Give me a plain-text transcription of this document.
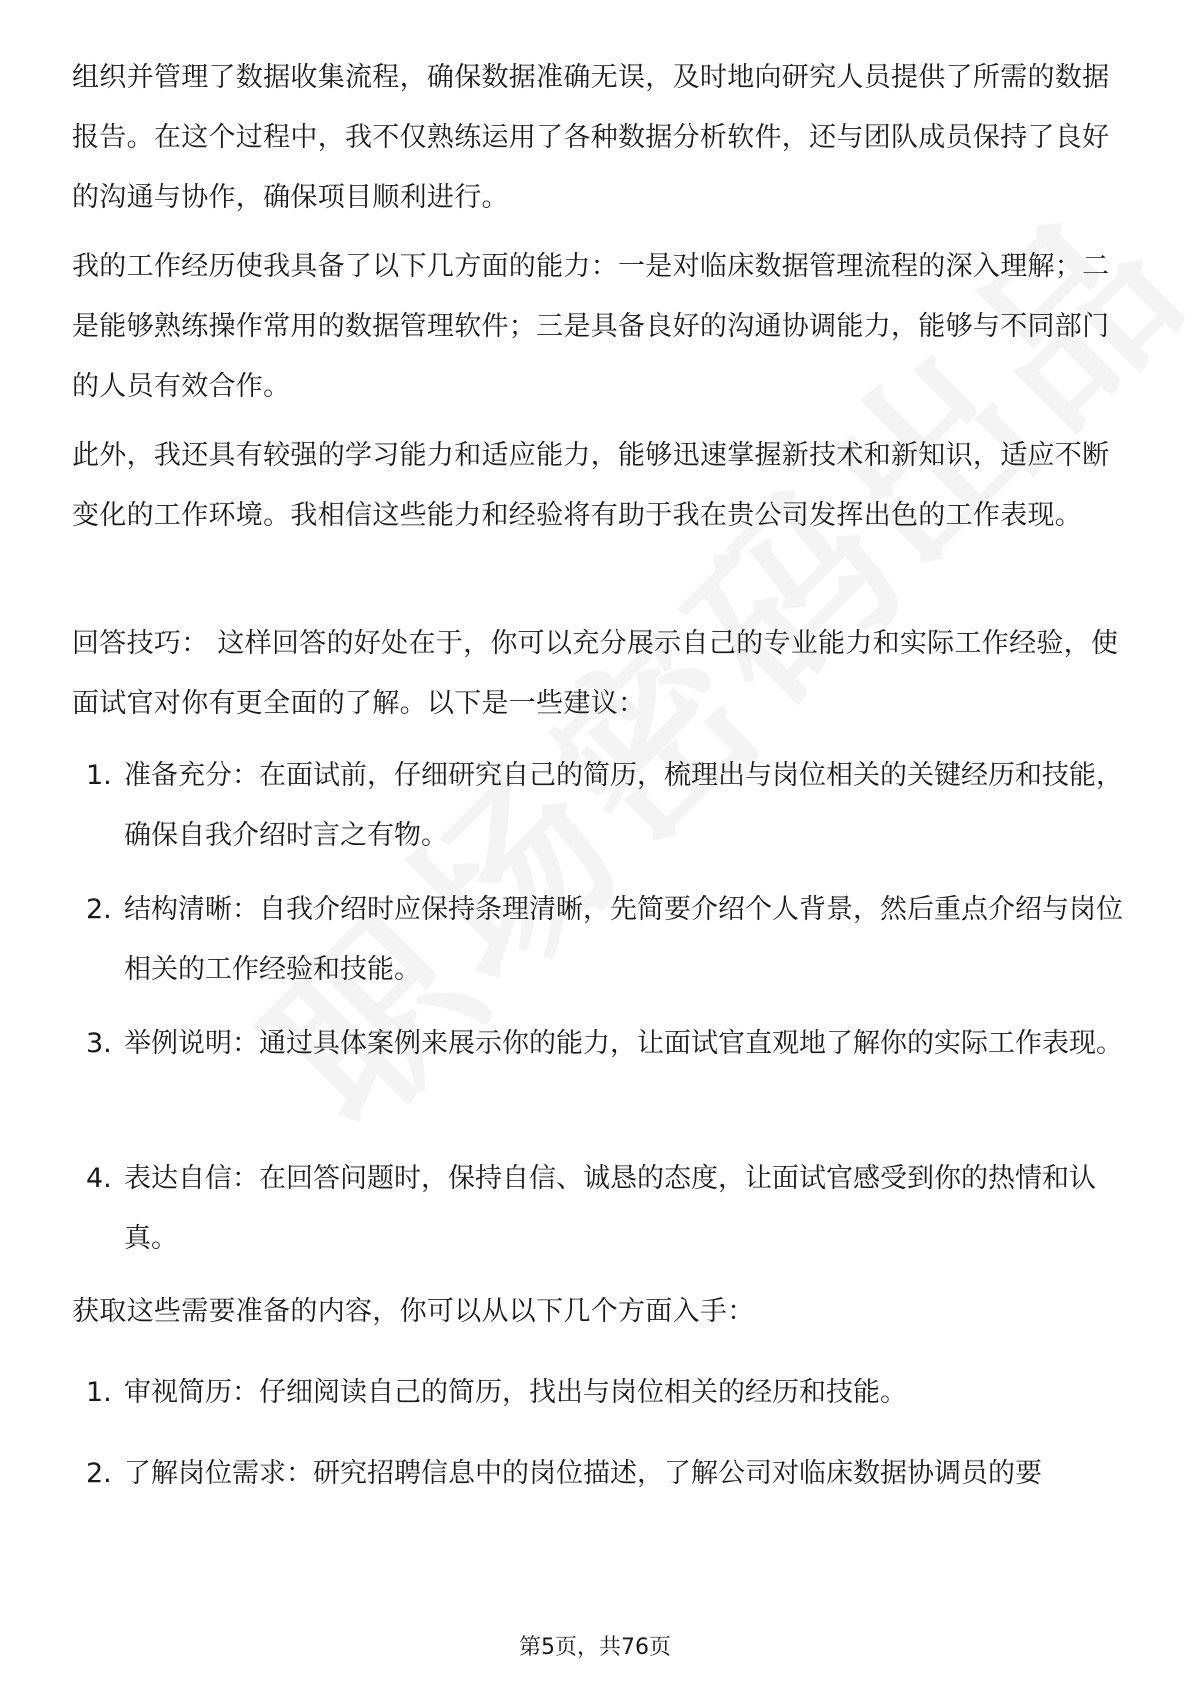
组织并管理了数据收集流程，确保数据准确无误，及时地向研究人员提供了所需的数据报告。在这个过程中，我不仅熟练运用了各种数据分析软件，还与团队成员保持了良好的沟通与协作，确保项目顺利进行。

我的工作经历使我具备了以下几方面的能力：一是对临床数据管理流程的深入理解；二是能够熟练操作常用的数据管理软件；三是具备良好的沟通协调能力，能够与不同部门的人员有效合作。

此外，我还具有较强的学习能力和适应能力，能够迅速掌握新技术和新知识，适应不断变化的工作环境。我相信这些能力和经验将有助于我在贵公司发挥出色的工作表现。

回答技巧： 这样回答的好处在于，你可以充分展示自己的专业能力和实际工作经验，使面试官对你有更全面的了解。以下是一些建议：

1. 准备充分：在面试前，仔细研究自己的简历，梳理出与岗位相关的关键经历和技能，确保自我介绍时言之有物。
2. 结构清晰：自我介绍时应保持条理清晰，先简要介绍个人背景，然后重点介绍与岗位相关的工作经验和技能。
3. 举例说明：通过具体案例来展示你的能力，让面试官直观地了解你的实际工作表现。
4. 表达自信：在回答问题时，保持自信、诚恳的态度，让面试官感受到你的热情和认真。

获取这些需要准备的内容，你可以从以下几个方面入手：

1. 审视简历：仔细阅读自己的简历，找出与岗位相关的经历和技能。
2. 了解岗位需求：研究招聘信息中的岗位描述，了解公司对临床数据协调员的要
第5页，共76页
